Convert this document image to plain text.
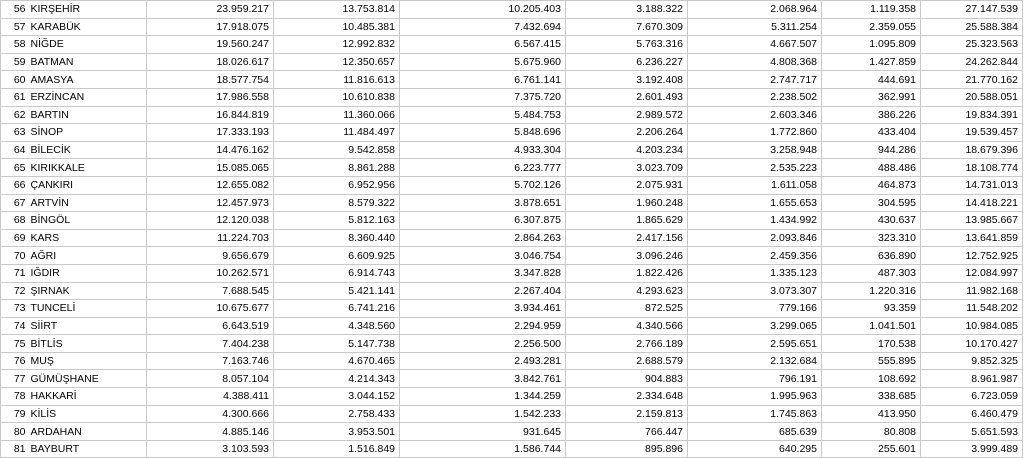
56	KIRŞEHİR	23.959.217	13.753.814	10.205.403	3.188.322	2.068.964	1.119.358	27.147.539
57	KARABÜK	17.918.075	10.485.381	7.432.694	7.670.309	5.311.254	2.359.055	25.588.384
58	NİĞDE	19.560.247	12.992.832	6.567.415	5.763.316	4.667.507	1.095.809	25.323.563
59	BATMAN	18.026.617	12.350.657	5.675.960	6.236.227	4.808.368	1.427.859	24.262.844
60	AMASYA	18.577.754	11.816.613	6.761.141	3.192.408	2.747.717	444.691	21.770.162
61	ERZİNCAN	17.986.558	10.610.838	7.375.720	2.601.493	2.238.502	362.991	20.588.051
62	BARTIN	16.844.819	11.360.066	5.484.753	2.989.572	2.603.346	386.226	19.834.391
63	SİNOP	17.333.193	11.484.497	5.848.696	2.206.264	1.772.860	433.404	19.539.457
64	BİLECİK	14.476.162	9.542.858	4.933.304	4.203.234	3.258.948	944.286	18.679.396
65	KIRIKKALE	15.085.065	8.861.288	6.223.777	3.023.709	2.535.223	488.486	18.108.774
66	ÇANKIRI	12.655.082	6.952.956	5.702.126	2.075.931	1.611.058	464.873	14.731.013
67	ARTVİN	12.457.973	8.579.322	3.878.651	1.960.248	1.655.653	304.595	14.418.221
68	BİNGÖL	12.120.038	5.812.163	6.307.875	1.865.629	1.434.992	430.637	13.985.667
69	KARS	11.224.703	8.360.440	2.864.263	2.417.156	2.093.846	323.310	13.641.859
70	AĞRI	9.656.679	6.609.925	3.046.754	3.096.246	2.459.356	636.890	12.752.925
71	IĞDIR	10.262.571	6.914.743	3.347.828	1.822.426	1.335.123	487.303	12.084.997
72	ŞIRNAK	7.688.545	5.421.141	2.267.404	4.293.623	3.073.307	1.220.316	11.982.168
73	TUNCELİ	10.675.677	6.741.216	3.934.461	872.525	779.166	93.359	11.548.202
74	SİİRT	6.643.519	4.348.560	2.294.959	4.340.566	3.299.065	1.041.501	10.984.085
75	BİTLİS	7.404.238	5.147.738	2.256.500	2.766.189	2.595.651	170.538	10.170.427
76	MUŞ	7.163.746	4.670.465	2.493.281	2.688.579	2.132.684	555.895	9.852.325
77	GÜMÜŞHANE	8.057.104	4.214.343	3.842.761	904.883	796.191	108.692	8.961.987
78	HAKKARİ	4.388.411	3.044.152	1.344.259	2.334.648	1.995.963	338.685	6.723.059
79	KİLİS	4.300.666	2.758.433	1.542.233	2.159.813	1.745.863	413.950	6.460.479
80	ARDAHAN	4.885.146	3.953.501	931.645	766.447	685.639	80.808	5.651.593
81	BAYBURT	3.103.593	1.516.849	1.586.744	895.896	640.295	255.601	3.999.489
